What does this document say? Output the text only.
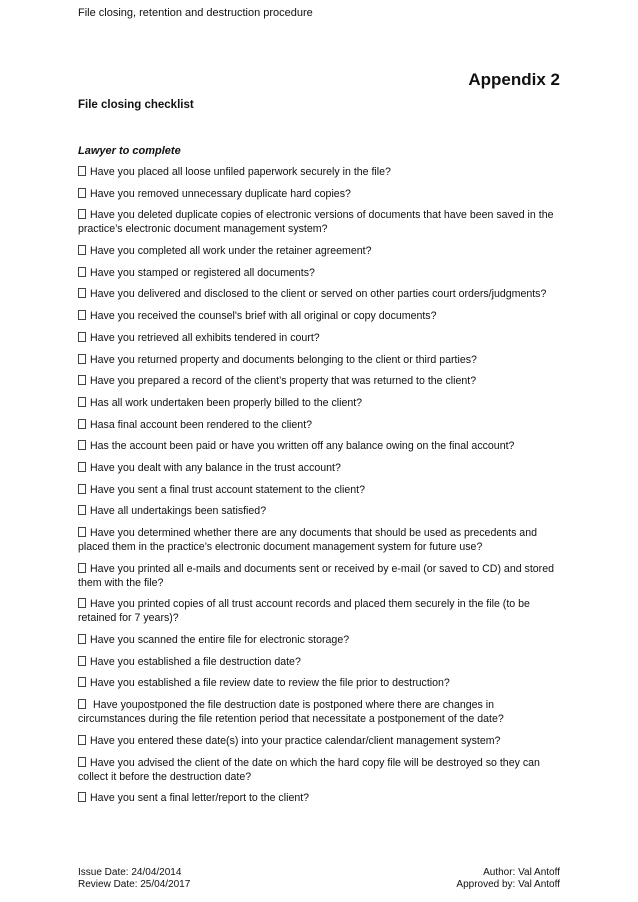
File closing, retention and destruction procedure
Appendix 2
File closing checklist
Lawyer to complete
Have you placed all loose unfiled paperwork securely in the file?
Have you removed unnecessary duplicate hard copies?
Have you deleted duplicate copies of electronic versions of documents that have been saved in the practice’s electronic document management system?
Have you completed all work under the retainer agreement?
Have you stamped or registered all documents?
Have you delivered and disclosed to the client or served on other parties court orders/judgments?
Have you received the counsel's brief with all original or copy documents?
Have you retrieved all exhibits tendered in court?
Have you returned property and documents belonging to the client or third parties?
Have you prepared a record of the client’s property that was returned to the client?
Has all work undertaken been properly billed to the client?
Hasa final account been rendered to the client?
Has the account been paid or have you written off any balance owing on the final account?
Have you dealt with any balance in the trust account?
Have you sent a final trust account statement to the client?
Have all undertakings been satisfied?
Have you determined whether there are any documents that should be used as precedents and placed them in the practice’s electronic document management system for future use?
Have you printed all e-mails and documents sent or received by e-mail (or saved to CD) and stored them with the file?
Have you printed copies of all trust account records and placed them securely in the file (to be retained for 7 years)?
Have you scanned the entire file for electronic storage?
Have you established a file destruction date?
Have you established a file review date to review the file prior to destruction?
Have youpostponed the file destruction date is postponed where there are changes in circumstances during the file retention period that necessitate a postponement of the date?
Have you entered these date(s) into your practice calendar/client management system?
Have you advised the client of the date on which the hard copy file will be destroyed so they can collect it before the destruction date?
Have you sent a final letter/report to the client?
Issue Date: 24/04/2014
Review Date: 25/04/2017
Author: Val Antoff
Approved by: Val Antoff
